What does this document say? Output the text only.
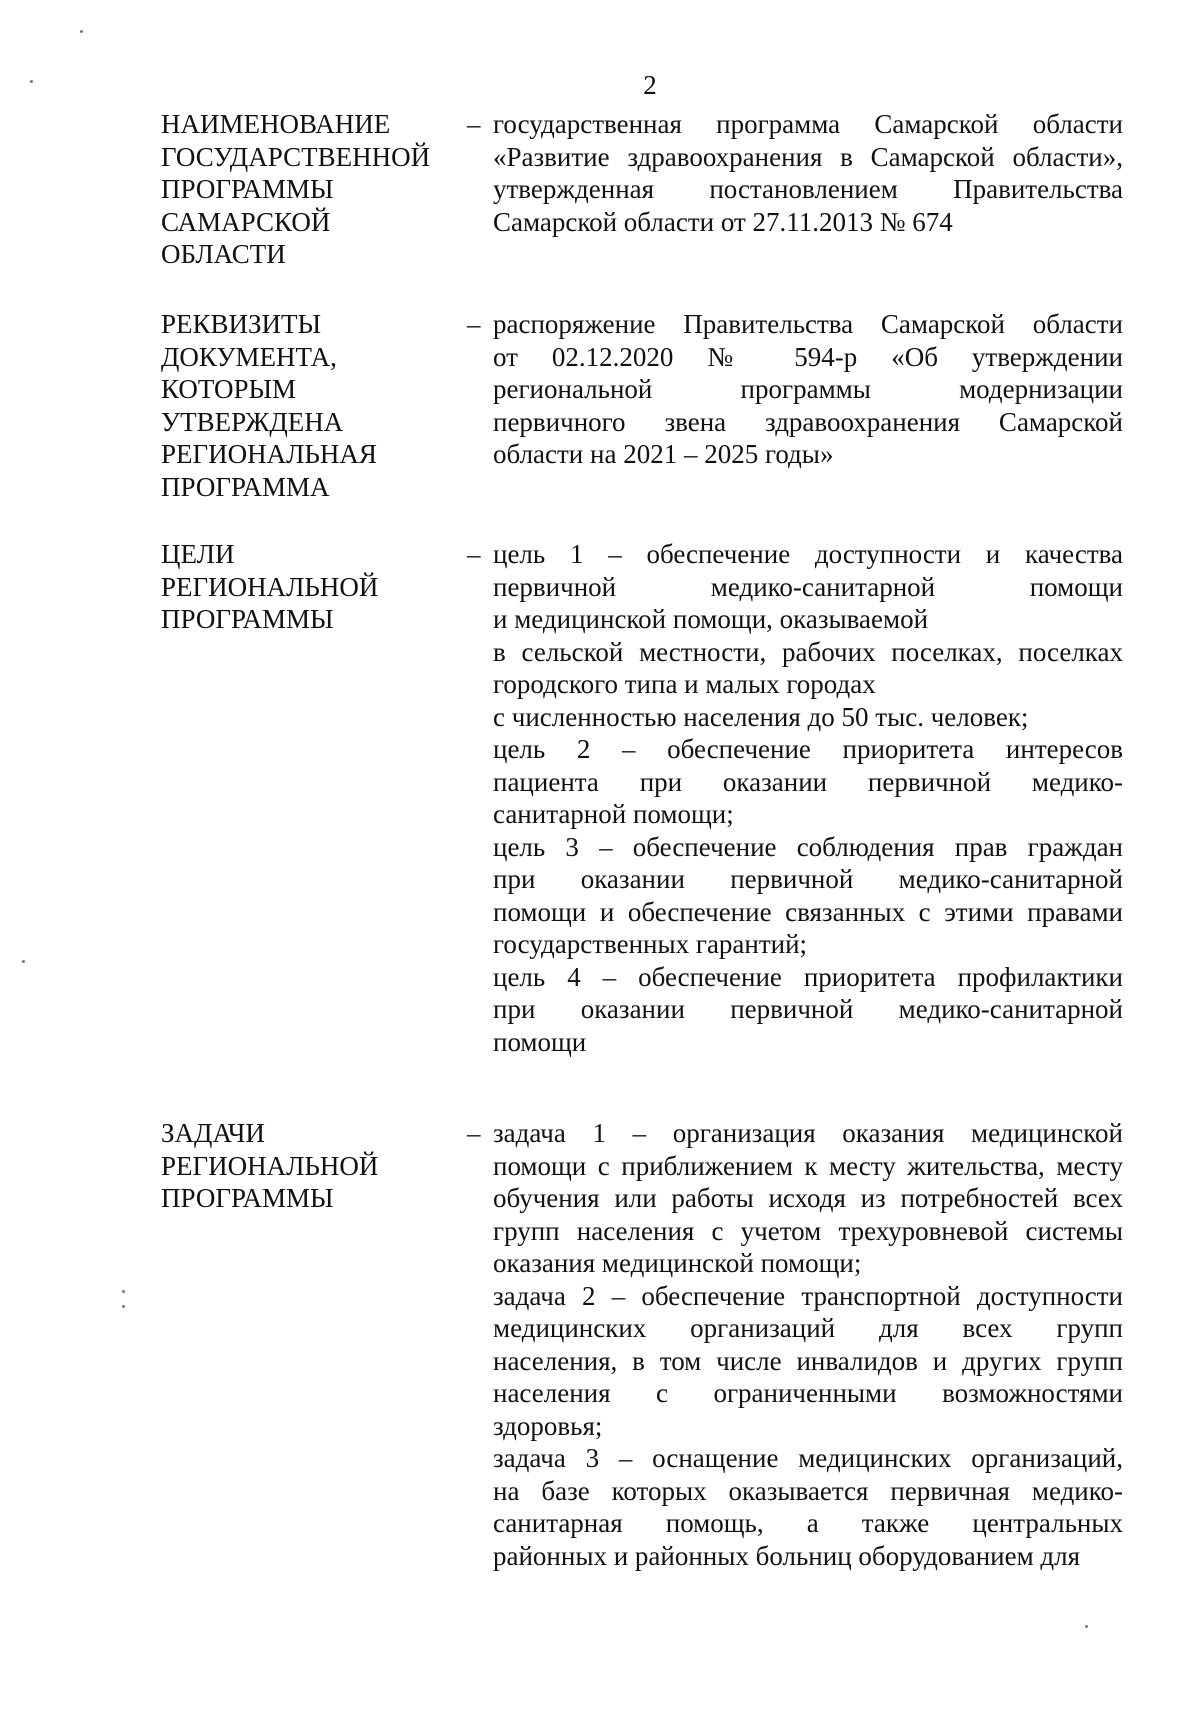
2
НАИМЕНОВАНИЕ
ГОСУДАРСТВЕННОЙ
ПРОГРАММЫ
САМАРСКОЙ
ОБЛАСТИ
– государственная программа Самарской области
«Развитие здравоохранения в Самарской области»,
утвержденная постановлением Правительства
Самарской области от 27.11.2013 № 674
РЕКВИЗИТЫ
ДОКУМЕНТА,
КОТОРЫМ
УТВЕРЖДЕНА
РЕГИОНАЛЬНАЯ
ПРОГРАММА
– распоряжение Правительства Самарской области
от 02.12.2020 № 594-р «Об утверждении
региональной программы модернизации
первичного звена здравоохранения Самарской
области на 2021 – 2025 годы»
ЦЕЛИ
РЕГИОНАЛЬНОЙ
ПРОГРАММЫ
– цель 1 – обеспечение доступности и качества
первичной медико-санитарной помощи
и медицинской помощи, оказываемой
в сельской местности, рабочих поселках, поселках
городского типа и малых городах
с численностью населения до 50 тыс. человек;
цель 2 – обеспечение приоритета интересов
пациента при оказании первичной медико-
санитарной помощи;
цель 3 – обеспечение соблюдения прав граждан
при оказании первичной медико-санитарной
помощи и обеспечение связанных с этими правами
государственных гарантий;
цель 4 – обеспечение приоритета профилактики
при оказании первичной медико-санитарной
помощи
ЗАДАЧИ
РЕГИОНАЛЬНОЙ
ПРОГРАММЫ
– задача 1 – организация оказания медицинской
помощи с приближением к месту жительства, месту
обучения или работы исходя из потребностей всех
групп населения с учетом трехуровневой системы
оказания медицинской помощи;
задача 2 – обеспечение транспортной доступности
медицинских организаций для всех групп
населения, в том числе инвалидов и других групп
населения с ограниченными возможностями
здоровья;
задача 3 – оснащение медицинских организаций,
на базе которых оказывается первичная медико-
санитарная помощь, а также центральных
районных и районных больниц оборудованием для
